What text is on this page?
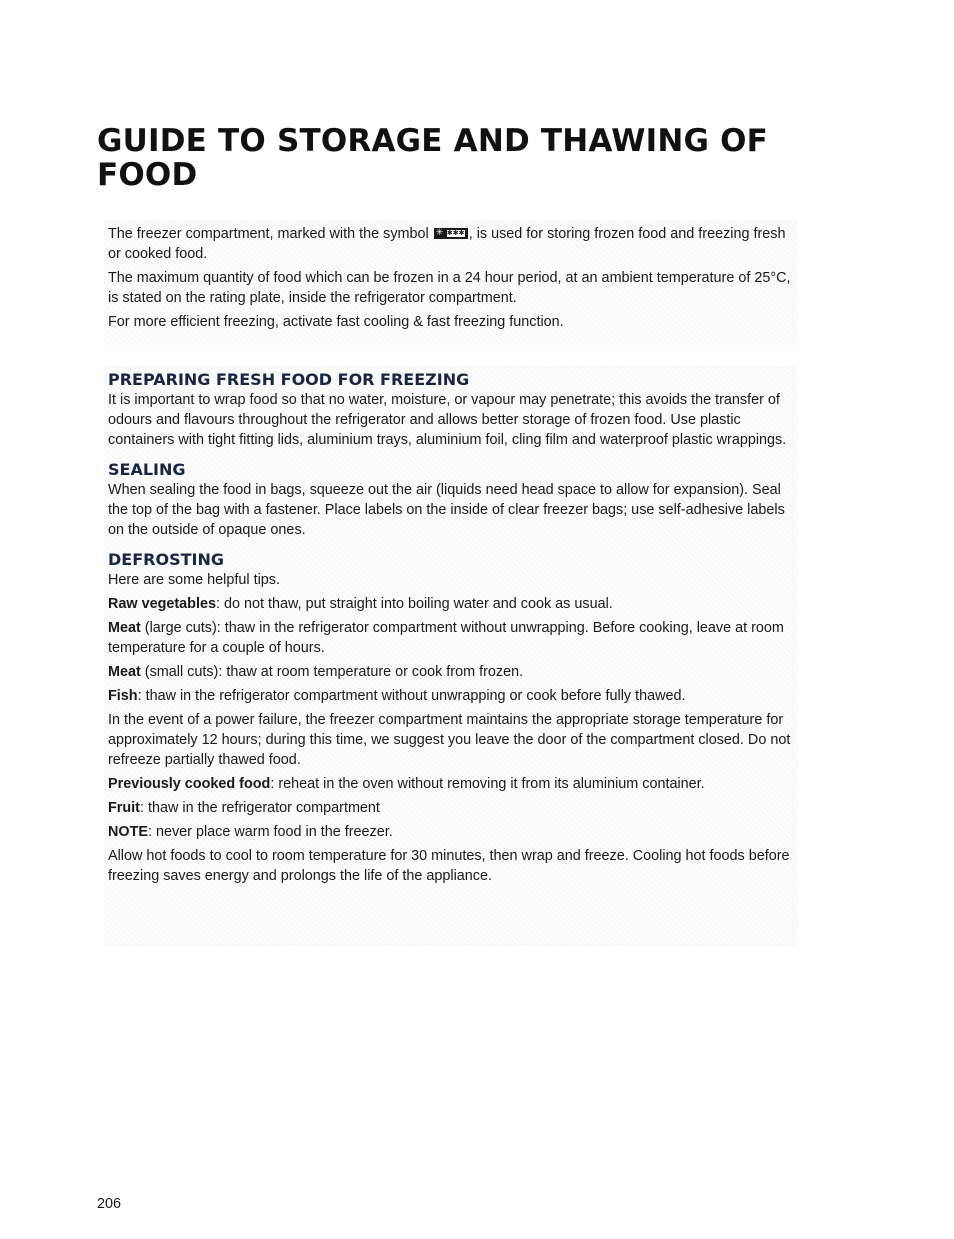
GUIDE TO STORAGE AND THAWING OF FOOD

The freezer compartment, marked with the symbol ✳ ✱✱✱ , is used for storing frozen food and freezing fresh or cooked food.

The maximum quantity of food which can be frozen in a 24 hour period, at an ambient temperature of 25°C, is stated on the rating plate, inside the refrigerator compartment.

For more efficient freezing, activate fast cooling & fast freezing function.

PREPARING FRESH FOOD FOR FREEZING

It is important to wrap food so that no water, moisture, or vapour may penetrate; this avoids the transfer of odours and flavours throughout the refrigerator and allows better storage of frozen food. Use plastic containers with tight fitting lids, aluminium trays, aluminium foil, cling film and waterproof plastic wrappings.

SEALING

When sealing the food in bags, squeeze out the air (liquids need head space to allow for expansion). Seal the top of the bag with a fastener. Place labels on the inside of clear freezer bags; use self-adhesive labels on the outside of opaque ones.

DEFROSTING

Here are some helpful tips.

Raw vegetables: do not thaw, put straight into boiling water and cook as usual.

Meat (large cuts): thaw in the refrigerator compartment without unwrapping. Before cooking, leave at room temperature for a couple of hours.

Meat (small cuts): thaw at room temperature or cook from frozen.

Fish: thaw in the refrigerator compartment without unwrapping or cook before fully thawed.

In the event of a power failure, the freezer compartment maintains the appropriate storage temperature for approximately 12 hours; during this time, we suggest you leave the door of the compartment closed. Do not refreeze partially thawed food.

Previously cooked food: reheat in the oven without removing it from its aluminium container.

Fruit: thaw in the refrigerator compartment

NOTE: never place warm food in the freezer.

Allow hot foods to cool to room temperature for 30 minutes, then wrap and freeze. Cooling hot foods before freezing saves energy and prolongs the life of the appliance.

206
